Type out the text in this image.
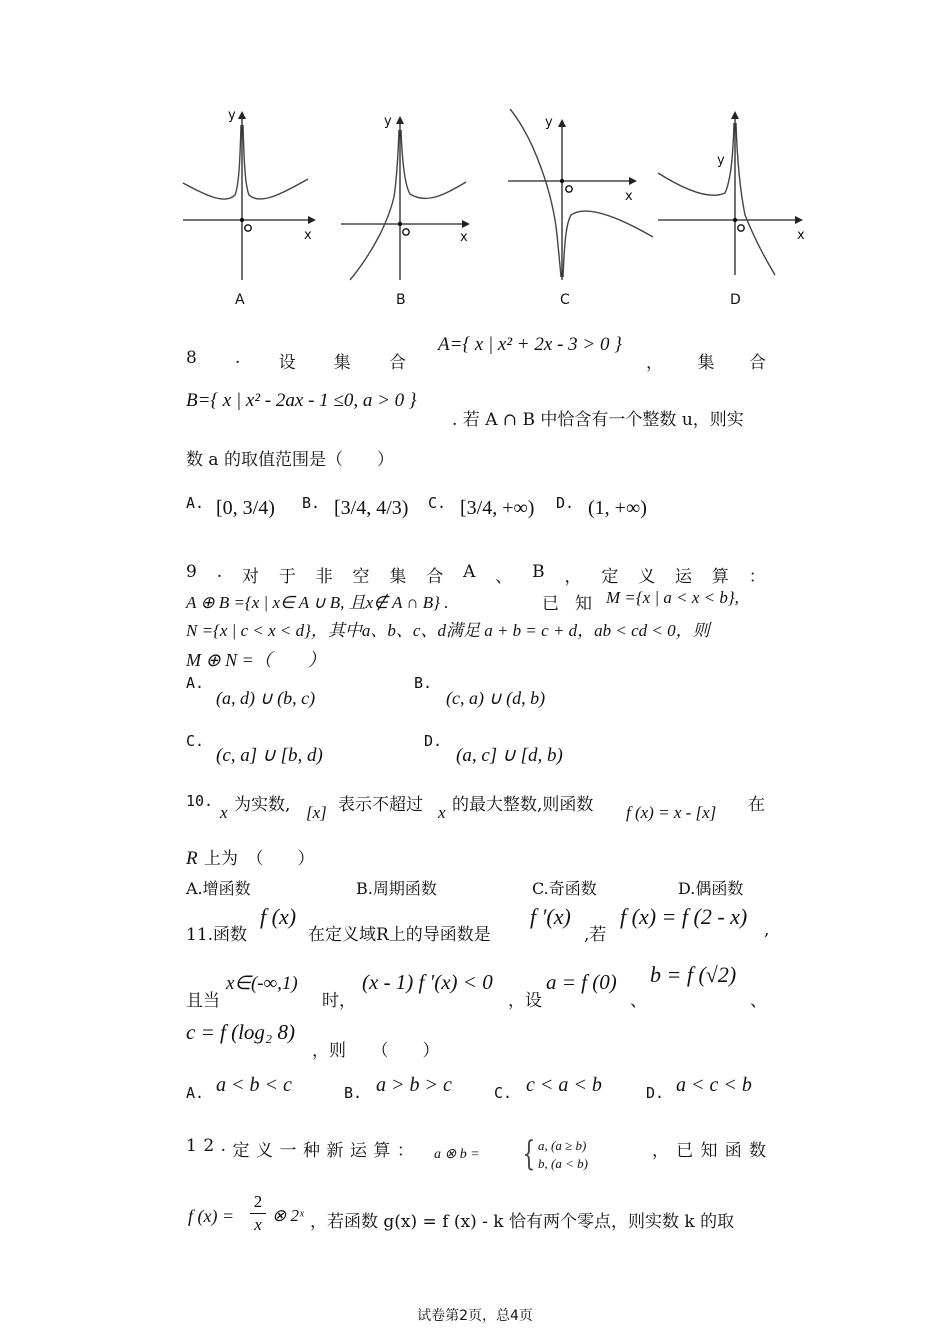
y
x
y
x
y
x
y
x
A	B	C	D
8 . 设 集 合
A={ x | x² + 2x - 3 > 0 }
， 集 合
B={ x | x² - 2ax - 1 ≤0, a > 0 }
. 若 A ∩ B 中恰含有一个整数 u，则实
数 a 的取值范围是（　　）
A. [0, 3/4) B. [3/4, 4/3) C. [3/4, +∞) D. (1, +∞)
9 . 对 于 非 空 集 合 A 、 B ， 定 义 运 算 ：
A ⊕ B ={x | x∈ A ∪ B, 且x∉ A ∩ B} .	已 知 M ={x | a < x < b},
N ={x | c < x < d}，其中a、b、c、d满足 a + b = c + d，ab < cd < 0，则
M ⊕ N =（　　）
A.
(a, d) ∪ (b, c)
B.
(c, a) ∪ (d, b)
C.
(c, a] ∪ [b, d)
D.
(a, c] ∪ [d, b)
10.
x 为实数, [x] 表示不超过 x 的最大整数,则函数 f (x) = x - [x] 在
R 上为　（　　）
A.增函数	B.周期函数	C.奇函数	D.偶函数
11.函数
f (x)
在定义域R上的导函数是
f ′(x)
,若
f (x) = f (2 - x)
,
且当
x∈(-∞,1)
时，
(x - 1) f ′(x) < 0
，设
a = f (0)
、
b = f (√2)
、
c = f (log₂ 8)
，则　　（　　）
A. a < b < c	B. a > b > c	C. c < a < b	D. a < c < b
1 2 . 定 义 一 种 新 运 算 ： a ⊗ b = { a, (a ≥ b)
b, (a < b)
， 已 知 函 数
f (x) =
2
x ⊗ 2ˣ ，若函数 g(x) = f (x) - k 恰有两个零点，则实数 k 的取
试卷第2页，总4页
